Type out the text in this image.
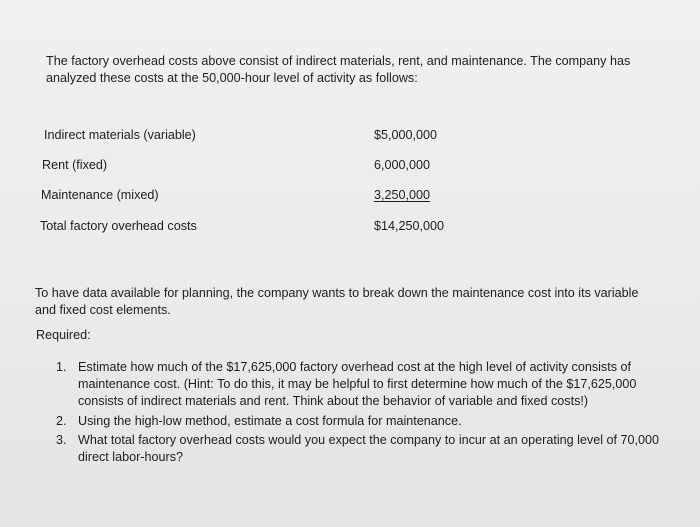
The factory overhead costs above consist of indirect materials, rent, and maintenance. The company has analyzed these costs at the 50,000-hour level of activity as follows:

Indirect materials (variable)	$5,000,000
Rent (fixed)	6,000,000
Maintenance (mixed)	3,250,000
Total factory overhead costs	$14,250,000

To have data available for planning, the company wants to break down the maintenance cost into its variable and fixed cost elements.

Required:

1. Estimate how much of the $17,625,000 factory overhead cost at the high level of activity consists of maintenance cost. (Hint: To do this, it may be helpful to first determine how much of the $17,625,000 consists of indirect materials and rent. Think about the behavior of variable and fixed costs!)
2. Using the high-low method, estimate a cost formula for maintenance.
3. What total factory overhead costs would you expect the company to incur at an operating level of 70,000 direct labor-hours?
